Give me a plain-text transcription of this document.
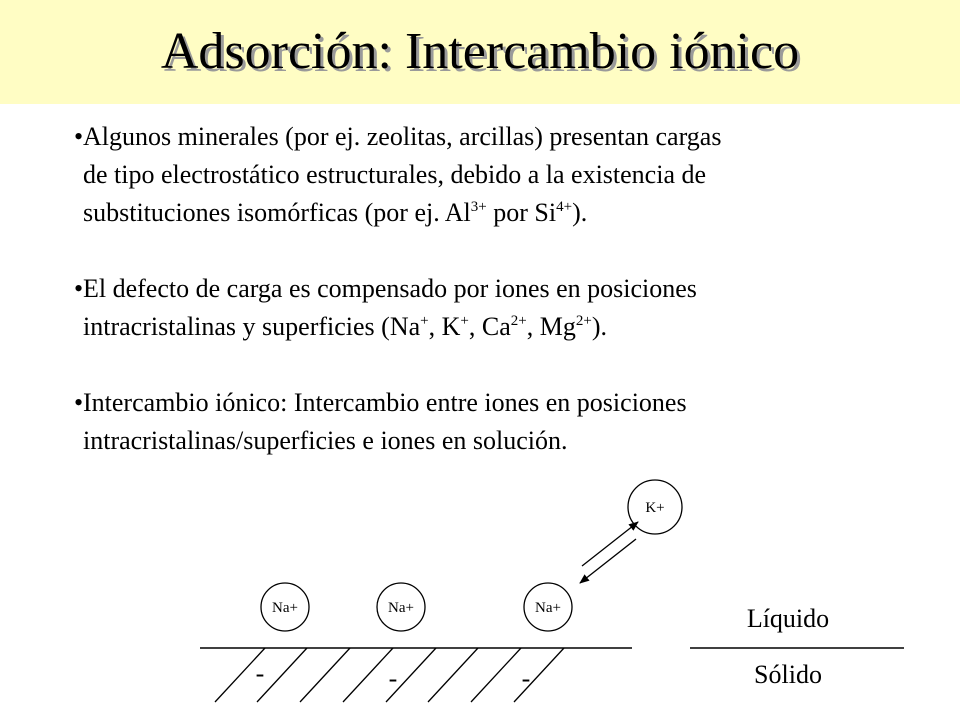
Adsorción: Intercambio iónico
•Algunos minerales (por ej. zeolitas, arcillas) presentan cargas
de tipo electrostático estructurales, debido a la existencia de
substituciones isomórficas (por ej. $Al^{3+}$ por $Si^{4+}$).
•El defecto de carga es compensado por iones en posiciones
intracristalinas y superficies (Na+, K+, $Ca^{2+}$, $Mg^{2+}$).
•Intercambio iónico: Intercambio entre iones en posiciones
intracristalinas/superficies e iones en solución.
Na+	Na+	Na+
K+
-	-	-
Líquido
Sólido
